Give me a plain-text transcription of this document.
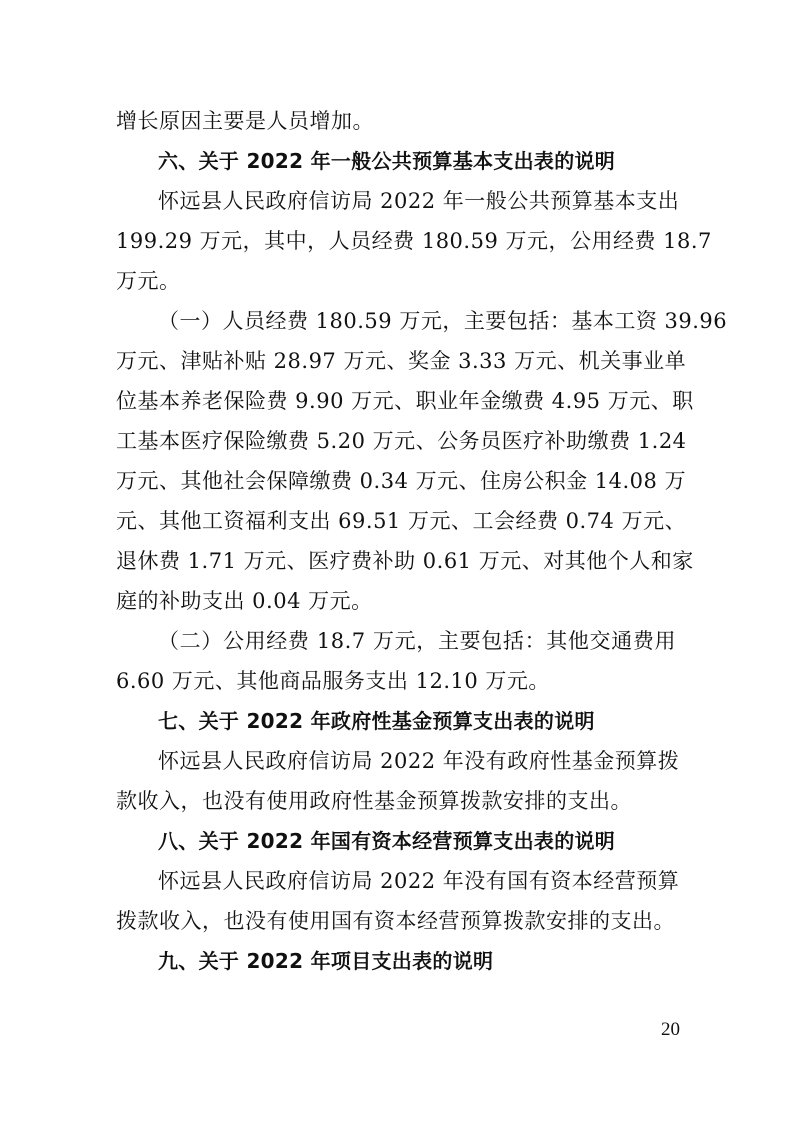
增长原因主要是人员增加。
六、关于 2022 年一般公共预算基本支出表的说明
怀远县人民政府信访局 2022 年一般公共预算基本支出
199.29 万元，其中，人员经费 180.59 万元，公用经费 18.7
万元。
（一）人员经费 180.59 万元，主要包括：基本工资 39.96
万元、津贴补贴 28.97 万元、奖金 3.33 万元、机关事业单
位基本养老保险费 9.90 万元、职业年金缴费 4.95 万元、职
工基本医疗保险缴费 5.20 万元、公务员医疗补助缴费 1.24
万元、其他社会保障缴费 0.34 万元、住房公积金 14.08 万
元、其他工资福利支出 69.51 万元、工会经费 0.74 万元、
退休费 1.71 万元、医疗费补助 0.61 万元、对其他个人和家
庭的补助支出 0.04 万元。
（二）公用经费 18.7 万元，主要包括：其他交通费用
6.60 万元、其他商品服务支出 12.10 万元。
七、关于 2022 年政府性基金预算支出表的说明
怀远县人民政府信访局 2022 年没有政府性基金预算拨
款收入，也没有使用政府性基金预算拨款安排的支出。
八、关于 2022 年国有资本经营预算支出表的说明
怀远县人民政府信访局 2022 年没有国有资本经营预算
拨款收入，也没有使用国有资本经营预算拨款安排的支出。
九、关于 2022 年项目支出表的说明
20
